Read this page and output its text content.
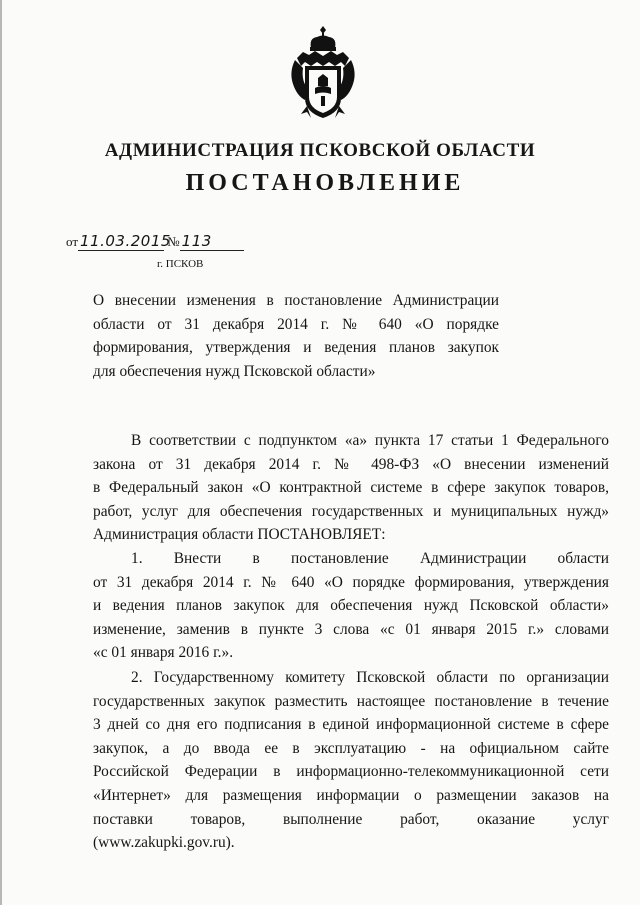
АДМИНИСТРАЦИЯ ПСКОВСКОЙ ОБЛАСТИ
ПОСТАНОВЛЕНИЕ
от 11.03.2015 № 113
г. ПСКОВ
О внесении изменения в постановление Администрации
области от 31 декабря 2014 г. № 640 «О порядке
формирования, утверждения и ведения планов закупок
для обеспечения нужд Псковской области»
В соответствии с подпунктом «а» пункта 17 статьи 1 Федерального
закона от 31 декабря 2014 г. № 498-ФЗ «О внесении изменений
в Федеральный закон «О контрактной системе в сфере закупок товаров,
работ, услуг для обеспечения государственных и муниципальных нужд»
Администрация области ПОСТАНОВЛЯЕТ:
1. Внести в постановление Администрации области
от 31 декабря 2014 г. № 640 «О порядке формирования, утверждения
и ведения планов закупок для обеспечения нужд Псковской области»
изменение, заменив в пункте 3 слова «с 01 января 2015 г.» словами
«с 01 января 2016 г.».
2. Государственному комитету Псковской области по организации
государственных закупок разместить настоящее постановление в течение
3 дней со дня его подписания в единой информационной системе в сфере
закупок, а до ввода ее в эксплуатацию - на официальном сайте
Российской Федерации в информационно-телекоммуникационной сети
«Интернет» для размещения информации о размещении заказов на
поставки товаров, выполнение работ, оказание услуг
(www.zakupki.gov.ru).
